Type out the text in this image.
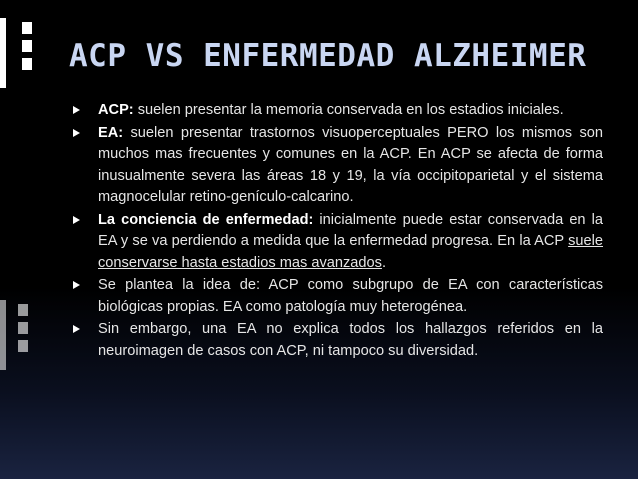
ACP VS ENFERMEDAD ALZHEIMER
ACP: suelen presentar la memoria conservada en los estadios iniciales.
EA: suelen presentar trastornos visuoperceptuales PERO los mismos son muchos mas frecuentes y comunes en la ACP. En ACP se afecta de forma inusualmente severa las áreas 18 y 19, la vía occipitoparietal y el sistema magnocelular retino-genículo-calcarino.
La conciencia de enfermedad: inicialmente puede estar conservada en la EA y se va perdiendo a medida que la enfermedad progresa. En la ACP suele conservarse hasta estadios mas avanzados.
Se plantea la idea de: ACP como subgrupo de EA con características biológicas propias. EA como patología muy heterogénea.
Sin embargo, una EA no explica todos los hallazgos referidos en la neuroimagen de casos con ACP, ni tampoco su diversidad.
